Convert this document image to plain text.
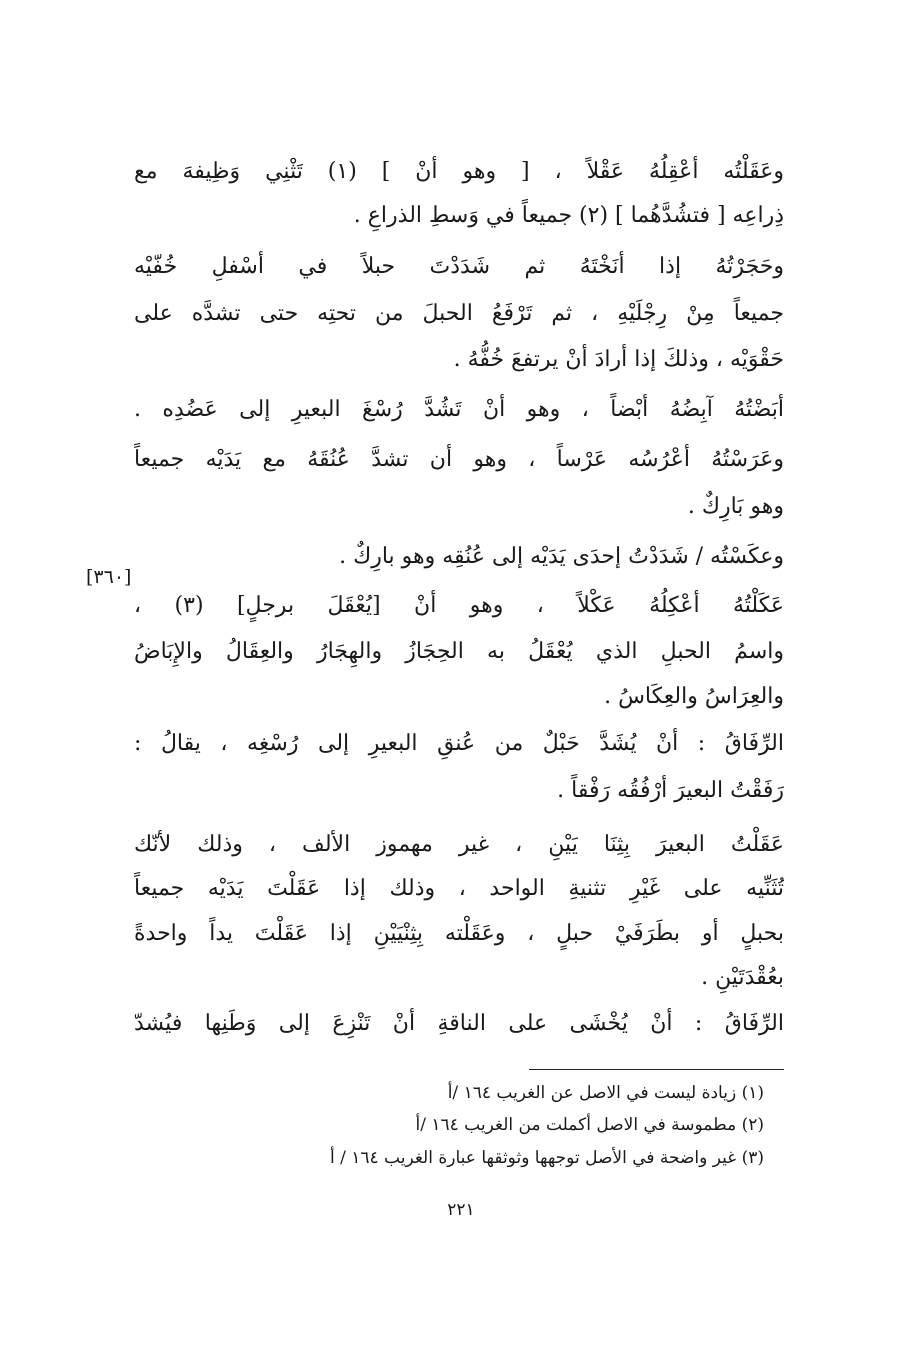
وعَقَلْتُه أعْقِلُهُ عَقْلاً ، [ وهو أنْ ] (١) تَثْنِي وَظِيفهَ مع
ذِراعِه [ فتشُدَّهُما ] (٢) جميعاً في وَسطِ الذراعِ .
وحَجَرْتُهُ إذا أنَخْتَهُ ثم شَدَدْتَ حبلاً في أسْفلِ خُفّيْه
جميعاً مِنْ رِجْلَيْهِ ، ثم تَرْفَعُ الحبلَ من تحتِه حتى تشدَّه على
حَقْوَيْه ، وذلكَ إذا أرادَ أنْ يرتفعَ خُفُّهُ .
أبَضْتُهُ آبِضُهُ أبْضاً ، وهو أنْ تَشُدَّ رُسْغَ البعيرِ إلى عَضُدِه .
وعَرَسْتُهُ أعْرُسُه عَرْساً ، وهو أن تشدَّ عُنُقَهُ مع يَدَيْه جميعاً
وهو بَارِكٌ .
وعكَسْتُه / شَدَدْتُ إحدَى يَدَيْه إلى عُنُقِه وهو بارِكٌ .
عَكَلْتُهُ أعْكِلُهُ عَكْلاً ، وهو أنْ [يُعْقَلَ برجلٍ] (٣) ،
واسمُ الحبلِ الذي يُعْقَلُ به الحِجَازُ والهِجَارُ والعِقَالُ والإِبَاضُ
والعِرَاسُ والعِكَاسُ .
الرِّفَاقُ : أنْ يُشَدَّ حَبْلٌ من عُنقِ البعيرِ إلى رُسْغِه ، يقالُ :
رَفَقْتُ البعيرَ أرْفُقُه رَفْقاً .
عَقَلْتُ البعيرَ بِثِنَا يَيْنِ ، غير مهموز الألف ، وذلك لأنّك
تُثَنِّيه على غَيْرِ تثنيةِ الواحد ، وذلك إذا عَقَلْتَ يَدَيْه جميعاً
بحبلٍ أو بطَرَفَيْ حبلٍ ، وعَقَلْته بِثِنْيَيْنِ إذا عَقَلْتَ يداً واحدةً
بعُقْدَتَيْنِ .
الرِّفَاقُ : أنْ يُخْشَى على الناقةِ أنْ تَنْزِعَ إلى وَطَنِها فيُشدّ
[٣٦٠]
(١) زيادة ليست في الاصل عن الغريب ١٦٤ /أ
(٢) مطموسة في الاصل أكملت من الغريب ١٦٤ /أ
(٣) غير واضحة في الأصل توجهها وثوثقها عبارة الغريب ١٦٤ / أ
٢٢١
